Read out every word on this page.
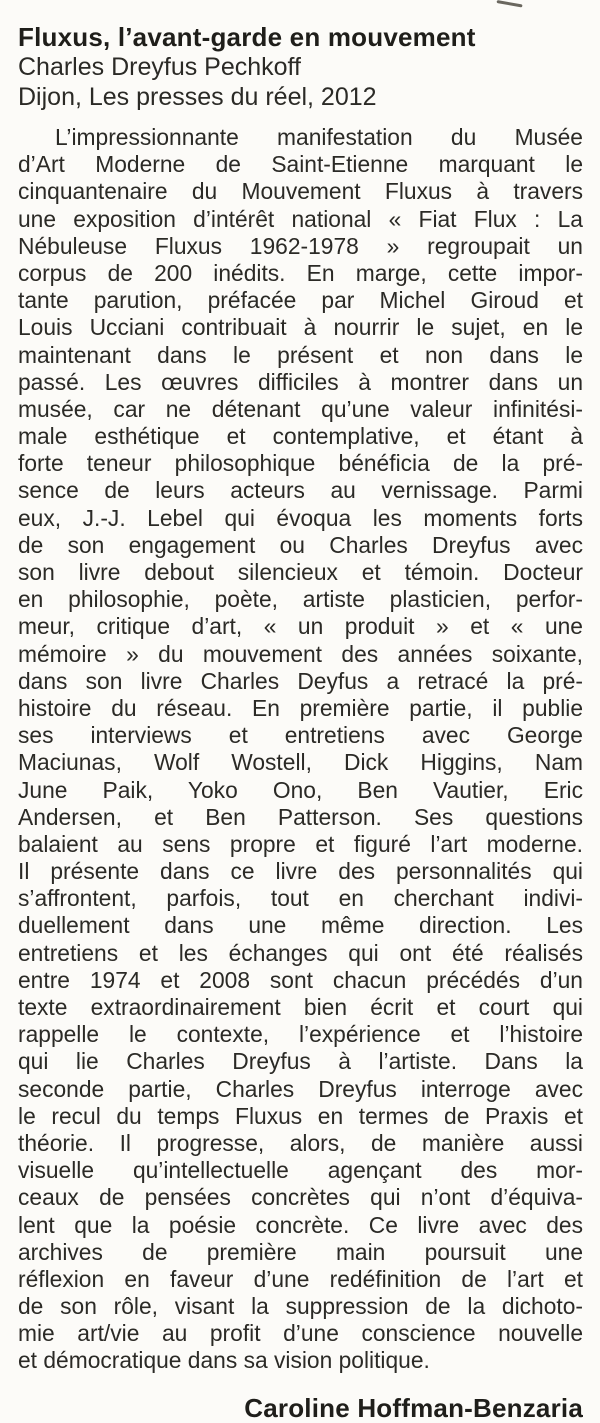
Fluxus, l’avant-garde en mouvement
Charles Dreyfus Pechkoff
Dijon, Les presses du réel, 2012
L’impressionnante manifestation du Musée
d’Art Moderne de Saint-Etienne marquant le
cinquantenaire du Mouvement Fluxus à travers
une exposition d’intérêt national « Fiat Flux : La
Nébuleuse Fluxus 1962-1978 » regroupait un
corpus de 200 inédits. En marge, cette impor-
tante parution, préfacée par Michel Giroud et
Louis Ucciani contribuait à nourrir le sujet, en le
maintenant dans le présent et non dans le
passé. Les œuvres difficiles à montrer dans un
musée, car ne détenant qu’une valeur infinitési-
male esthétique et contemplative, et étant à
forte teneur philosophique bénéficia de la pré-
sence de leurs acteurs au vernissage. Parmi
eux, J.-J. Lebel qui évoqua les moments forts
de son engagement ou Charles Dreyfus avec
son livre debout silencieux et témoin. Docteur
en philosophie, poète, artiste plasticien, perfor-
meur, critique d’art, « un produit » et « une
mémoire » du mouvement des années soixante,
dans son livre Charles Deyfus a retracé la pré-
histoire du réseau. En première partie, il publie
ses interviews et entretiens avec George
Maciunas, Wolf Wostell, Dick Higgins, Nam
June Paik, Yoko Ono, Ben Vautier, Eric
Andersen, et Ben Patterson. Ses questions
balaient au sens propre et figuré l’art moderne.
Il présente dans ce livre des personnalités qui
s’affrontent, parfois, tout en cherchant indivi-
duellement dans une même direction. Les
entretiens et les échanges qui ont été réalisés
entre 1974 et 2008 sont chacun précédés d’un
texte extraordinairement bien écrit et court qui
rappelle le contexte, l’expérience et l’histoire
qui lie Charles Dreyfus à l’artiste. Dans la
seconde partie, Charles Dreyfus interroge avec
le recul du temps Fluxus en termes de Praxis et
théorie. Il progresse, alors, de manière aussi
visuelle qu’intellectuelle agençant des mor-
ceaux de pensées concrètes qui n’ont d’équiva-
lent que la poésie concrète. Ce livre avec des
archives de première main poursuit une
réflexion en faveur d’une redéfinition de l’art et
de son rôle, visant la suppression de la dichoto-
mie art/vie au profit d’une conscience nouvelle
et démocratique dans sa vision politique.
Caroline Hoffman-Benzaria
